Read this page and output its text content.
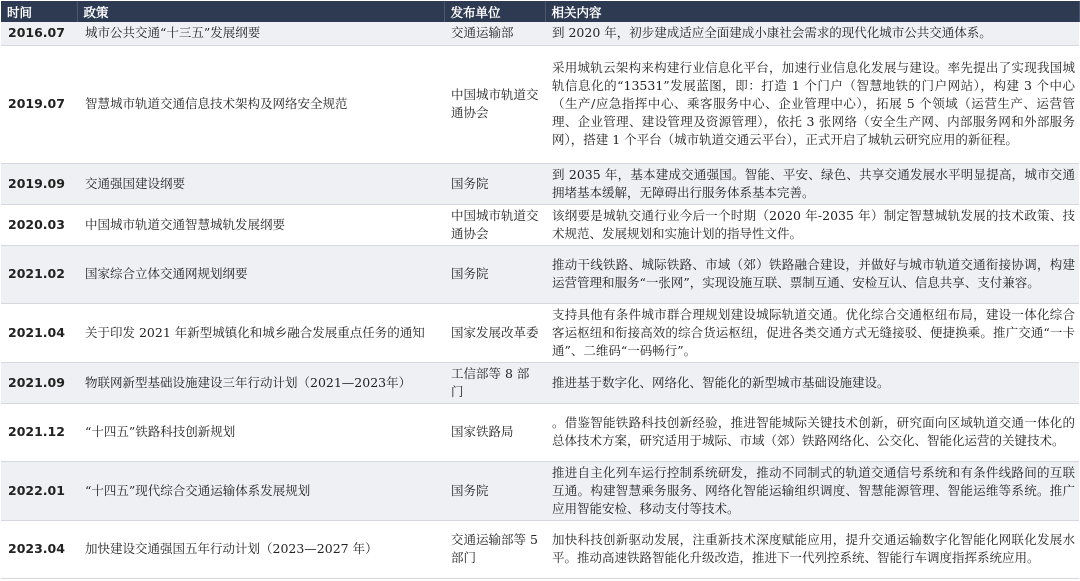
时间	政策	发布单位	相关内容
2016.07	城市公共交通“十三五”发展纲要	交通运输部	到 2020 年，初步建成适应全面建成小康社会需求的现代化城市公共交通体系。
2019.07	智慧城市轨道交通信息技术架构及网络安全规范	中国城市轨道交通协会	采用城轨云架构来构建行业信息化平台，加速行业信息化发展与建设。率先提出了实现我国城轨信息化的“13531”发展蓝图，即：打造 1 个门户（智慧地铁的门户网站），构建 3 个中心（生产/应急指挥中心、乘客服务中心、企业管理中心），拓展 5 个领域（运营生产、运营管理、企业管理、建设管理及资源管理），依托 3 张网络（安全生产网、内部服务网和外部服务网），搭建 1 个平台（城市轨道交通云平台），正式开启了城轨云研究应用的新征程。
2019.09	交通强国建设纲要	国务院	到 2035 年，基本建成交通强国。智能、平安、绿色、共享交通发展水平明显提高，城市交通拥堵基本缓解，无障碍出行服务体系基本完善。
2020.03	中国城市轨道交通智慧城轨发展纲要	中国城市轨道交通协会	该纲要是城轨交通行业今后一个时期（2020 年-2035 年）制定智慧城轨发展的技术政策、技术规范、发展规划和实施计划的指导性文件。
2021.02	国家综合立体交通网规划纲要	国务院	推动干线铁路、城际铁路、市域（郊）铁路融合建设，并做好与城市轨道交通衔接协调，构建运营管理和服务“一张网”，实现设施互联、票制互通、安检互认、信息共享、支付兼容。
2021.04	关于印发 2021 年新型城镇化和城乡融合发展重点任务的通知	国家发展改革委	支持具他有条件城市群合理规划建设城际轨道交通。优化综合交通枢纽布局，建设一体化综合客运枢纽和衔接高效的综合货运枢纽，促进各类交通方式无缝接驳、便捷换乘。推广交通“一卡通”、二维码“一码畅行”。
2021.09	物联网新型基础设施建设三年行动计划（2021—2023年）	工信部等 8 部门	推进基于数字化、网络化、智能化的新型城市基础设施建设。
2021.12	“十四五”铁路科技创新规划	国家铁路局	。借鉴智能铁路科技创新经验，推进智能城际关键技术创新，研究面向区域轨道交通一体化的总体技术方案，研究适用于城际、市域（郊）铁路网络化、公交化、智能化运营的关键技术。
2022.01	“十四五”现代综合交通运输体系发展规划	国务院	推进自主化列车运行控制系统研发，推动不同制式的轨道交通信号系统和有条件线路间的互联互通。构建智慧乘务服务、网络化智能运输组织调度、智慧能源管理、智能运维等系统。推广应用智能安检、移动支付等技术。
2023.04	加快建设交通强国五年行动计划（2023—2027 年）	交通运输部等 5 部门	加快科技创新驱动发展，注重新技术深度赋能应用，提升交通运输数字化智能化网联化发展水平。推动高速铁路智能化升级改造，推进下一代列控系统、智能行车调度指挥系统应用。
